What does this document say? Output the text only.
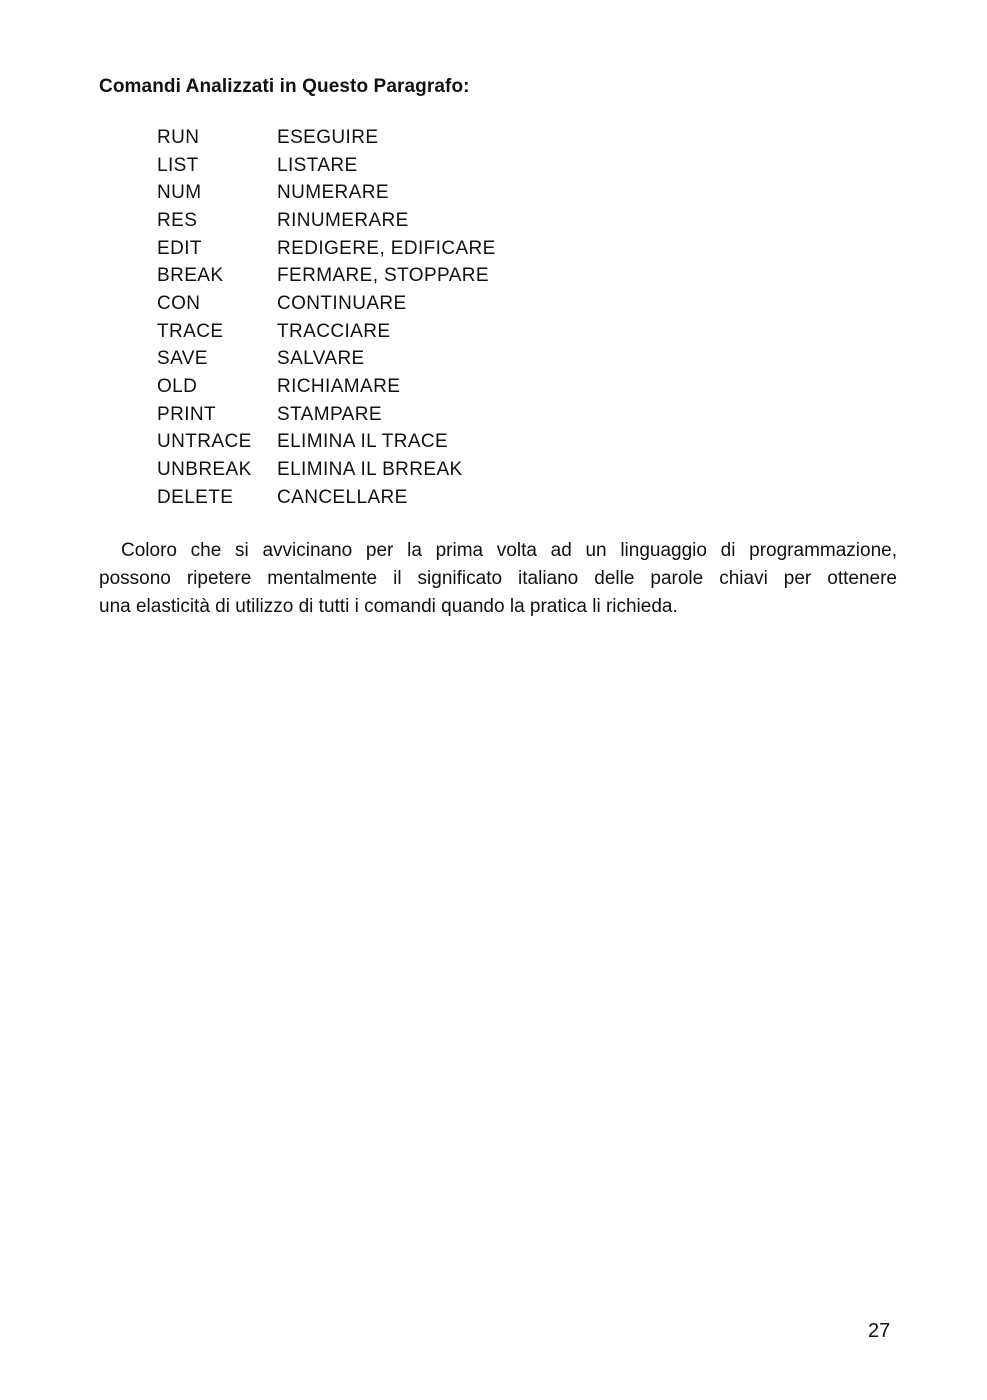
Comandi Analizzati in Questo Paragrafo:
RUN	ESEGUIRE
LIST	LISTARE
NUM	NUMERARE
RES	RINUMERARE
EDIT	REDIGERE, EDIFICARE
BREAK	FERMARE, STOPPARE
CON	CONTINUARE
TRACE	TRACCIARE
SAVE	SALVARE
OLD	RICHIAMARE
PRINT	STAMPARE
UNTRACE	ELIMINA IL TRACE
UNBREAK	ELIMINA IL BRREAK
DELETE	CANCELLARE

Coloro che si avvicinano per la prima volta ad un linguaggio di programmazione,
possono ripetere mentalmente il significato italiano delle parole chiavi per ottenere
una elasticità di utilizzo di tutti i comandi quando la pratica li richieda.

27
